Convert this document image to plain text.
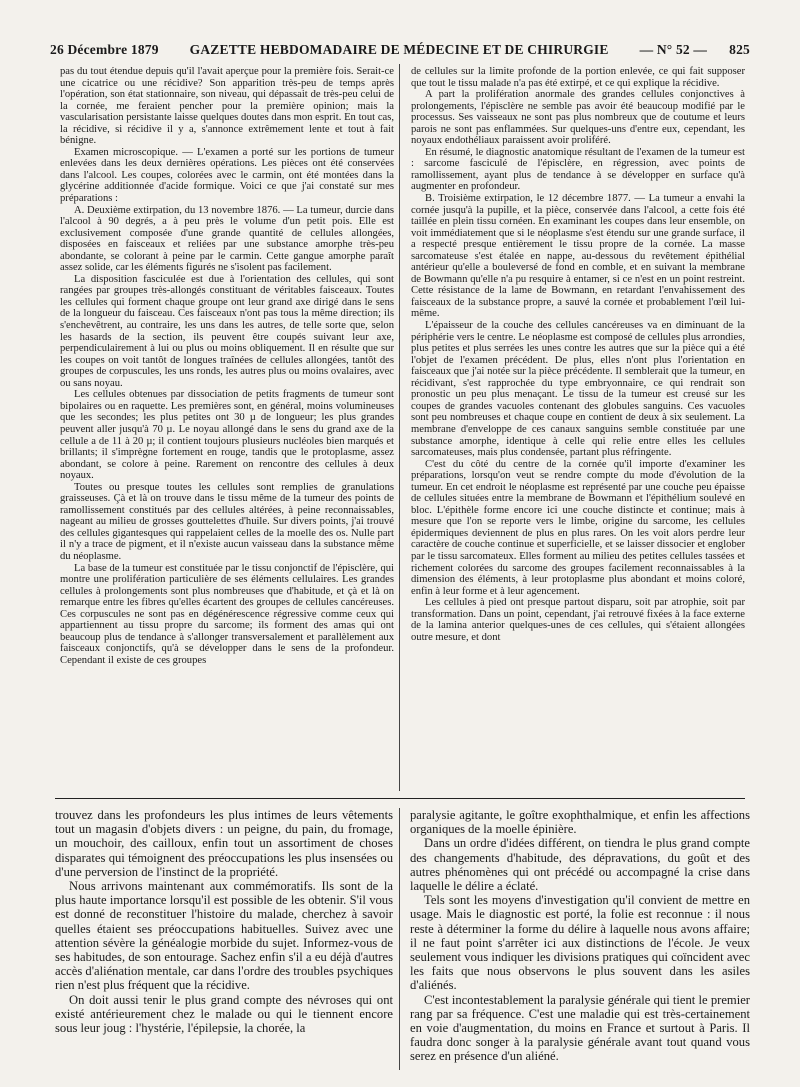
26 Décembre 1879	GAZETTE HEBDOMADAIRE DE MÉDECINE ET DE CHIRURGIE	— N° 52 — 825

pas du tout étendue depuis qu'il l'avait aperçue pour la première fois. Serait-ce une cicatrice ou une récidive? Son apparition très-peu de temps après l'opération, son état stationnaire, son niveau, qui dépassait de très-peu celui de la cornée, me feraient pencher pour la première opinion; mais la vascularisation persistante laisse quelques doutes dans mon esprit. En tout cas, la récidive, si récidive il y a, s'annonce extrêmement lente et tout à fait bénigne.

Examen microscopique. — L'examen a porté sur les portions de tumeur enlevées dans les deux dernières opérations. Les pièces ont été conservées dans l'alcool. Les coupes, colorées avec le carmin, ont été montées dans la glycérine additionnée d'acide formique. Voici ce que j'ai constaté sur mes préparations :

A. Deuxième extirpation, du 13 novembre 1876. — La tumeur, durcie dans l'alcool à 90 degrés, a à peu près le volume d'un petit pois. Elle est exclusivement composée d'une grande quantité de cellules allongées, disposées en faisceaux et reliées par une substance amorphe très-peu abondante, se colorant à peine par le carmin. Cette gangue amorphe paraît assez solide, car les éléments figurés ne s'isolent pas facilement.

La disposition fasciculée est due à l'orientation des cellules, qui sont rangées par groupes très-allongés constituant de véritables faisceaux. Toutes les cellules qui forment chaque groupe ont leur grand axe dirigé dans le sens de la longueur du faisceau. Ces faisceaux n'ont pas tous la même direction; ils s'enchevêtrent, au contraire, les uns dans les autres, de telle sorte que, selon les hasards de la section, ils peuvent être coupés suivant leur axe, perpendiculairement à lui ou plus ou moins obliquement. Il en résulte que sur les coupes on voit tantôt de longues traînées de cellules allongées, tantôt des groupes de corpuscules, les uns ronds, les autres plus ou moins ovalaires, avec ou sans noyau.

Les cellules obtenues par dissociation de petits fragments de tumeur sont bipolaires ou en raquette. Les premières sont, en général, moins volumineuses que les secondes; les plus petites ont 30 µ de longueur; les plus grandes peuvent aller jusqu'à 70 µ. Le noyau allongé dans le sens du grand axe de la cellule a de 11 à 20 µ; il contient toujours plusieurs nucléoles bien marqués et brillants; il s'imprègne fortement en rouge, tandis que le protoplasme, assez abondant, se colore à peine. Rarement on rencontre des cellules à deux noyaux.

Toutes ou presque toutes les cellules sont remplies de granulations graisseuses. Çà et là on trouve dans le tissu même de la tumeur des points de ramollissement constitués par des cellules altérées, à peine reconnaissables, nageant au milieu de grosses gouttelettes d'huile. Sur divers points, j'ai trouvé des cellules gigantesques qui rappelaient celles de la moelle des os. Nulle part il n'y a trace de pigment, et il n'existe aucun vaisseau dans la substance même du néoplasme.

La base de la tumeur est constituée par le tissu conjonctif de l'épisclère, qui montre une prolifération particulière de ses éléments cellulaires. Les grandes cellules à prolongements sont plus nombreuses que d'habitude, et çà et là on remarque entre les fibres qu'elles écartent des groupes de cellules cancéreuses. Ces corpuscules ne sont pas en dégénérescence régressive comme ceux qui appartiennent au tissu propre du sarcome; ils forment des amas qui ont beaucoup plus de tendance à s'allonger transversalement et parallèlement aux faisceaux conjonctifs, qu'à se développer dans le sens de la profondeur. Cependant il existe de ces groupes

de cellules sur la limite profonde de la portion enlevée, ce qui fait supposer que tout le tissu malade n'a pas été extirpé, et ce qui explique la récidive.

A part la prolifération anormale des grandes cellules conjonctives à prolongements, l'épisclère ne semble pas avoir été beaucoup modifié par le processus. Ses vaisseaux ne sont pas plus nombreux que de coutume et leurs parois ne sont pas enflammées. Sur quelques-uns d'entre eux, cependant, les noyaux endothéliaux paraissent avoir proliféré.

En résumé, le diagnostic anatomique résultant de l'examen de la tumeur est : sarcome fasciculé de l'épisclère, en régression, avec points de ramollissement, ayant plus de tendance à se développer en surface qu'à augmenter en profondeur.

B. Troisième extirpation, le 12 décembre 1877. — La tumeur a envahi la cornée jusqu'à la pupille, et la pièce, conservée dans l'alcool, a cette fois été taillée en plein tissu cornéen. En examinant les coupes dans leur ensemble, on voit immédiatement que si le néoplasme s'est étendu sur une grande surface, il a respecté presque entièrement le tissu propre de la cornée. La masse sarcomateuse s'est étalée en nappe, au-dessous du revêtement épithélial antérieur qu'elle a bouleversé de fond en comble, et en suivant la membrane de Bowmann qu'elle n'a pu resquire à entamer, si ce n'est en un point restreint. Cette résistance de la lame de Bowmann, en retardant l'envahissement des faisceaux de la substance propre, a sauvé la cornée et probablement l'œil lui-même.

L'épaisseur de la couche des cellules cancéreuses va en diminuant de la périphérie vers le centre. Le néoplasme est composé de cellules plus arrondies, plus petites et plus serrées les unes contre les autres que sur la pièce qui a été l'objet de l'examen précédent. De plus, elles n'ont plus l'orientation en faisceaux que j'ai notée sur la pièce précédente. Il semblerait que la tumeur, en récidivant, s'est rapprochée du type embryonnaire, ce qui rendrait son pronostic un peu plus menaçant. Le tissu de la tumeur est creusé sur les coupes de grandes vacuoles contenant des globules sanguins. Ces vacuoles sont peu nombreuses et chaque coupe en contient de deux à six seulement. La membrane d'enveloppe de ces canaux sanguins semble constituée par une substance amorphe, identique à celle qui relie entre elles les cellules sarcomateuses, mais plus condensée, partant plus réfringente.

C'est du côté du centre de la cornée qu'il importe d'examiner les préparations, lorsqu'on veut se rendre compte du mode d'évolution de la tumeur. En cet endroit le néoplasme est représenté par une couche peu épaisse de cellules situées entre la membrane de Bowmann et l'épithélium soulevé en bloc. L'épithèle forme encore ici une couche distincte et continue; mais à mesure que l'on se reporte vers le limbe, origine du sarcome, les cellules épidermiques deviennent de plus en plus rares. On les voit alors perdre leur caractère de couche continue et superficielle, et se laisser dissocier et englober par le tissu sarcomateux. Elles forment au milieu des petites cellules tassées et richement colorées du sarcome des groupes facilement reconnaissables à la dimension des éléments, à leur protoplasme plus abondant et moins coloré, enfin à leur forme et à leur agencement.

Les cellules à pied ont presque partout disparu, soit par atrophie, soit par transformation. Dans un point, cependant, j'ai retrouvé fixées à la face externe de la lamina anterior quelques-unes de ces cellules, qui s'étaient allongées outre mesure, et dont

trouvez dans les profondeurs les plus intimes de leurs vêtements tout un magasin d'objets divers : un peigne, du pain, du fromage, un mouchoir, des cailloux, enfin tout un assortiment de choses disparates qui témoignent des préoccupations les plus insensées ou d'une perversion de l'instinct de la propriété.

Nous arrivons maintenant aux commémoratifs. Ils sont de la plus haute importance lorsqu'il est possible de les obtenir. S'il vous est donné de reconstituer l'histoire du malade, cherchez à savoir quelles étaient ses préoccupations habituelles. Suivez avec une attention sévère la généalogie morbide du sujet. Informez-vous de ses habitudes, de son entourage. Sachez enfin s'il a eu déjà d'autres accès d'aliénation mentale, car dans l'ordre des troubles psychiques rien n'est plus fréquent que la récidive.

On doit aussi tenir le plus grand compte des névroses qui ont existé antérieurement chez le malade ou qui le tiennent encore sous leur joug : l'hystérie, l'épilepsie, la chorée, la

paralysie agitante, le goître exophthalmique, et enfin les affections organiques de la moelle épinière.

Dans un ordre d'idées différent, on tiendra le plus grand compte des changements d'habitude, des dépravations, du goût et des autres phénomènes qui ont précédé ou accompagné la crise dans laquelle le délire a éclaté.

Tels sont les moyens d'investigation qu'il convient de mettre en usage. Mais le diagnostic est porté, la folie est reconnue : il nous reste à déterminer la forme du délire à laquelle nous avons affaire; il ne faut point s'arrêter ici aux distinctions de l'école. Je veux seulement vous indiquer les divisions pratiques qui coïncident avec les faits que nous observons le plus souvent dans les asiles d'aliénés.

C'est incontestablement la paralysie générale qui tient le premier rang par sa fréquence. C'est une maladie qui est très-certainement en voie d'augmentation, du moins en France et surtout à Paris. Il faudra donc songer à la paralysie générale avant tout quand vous serez en présence d'un aliéné.
